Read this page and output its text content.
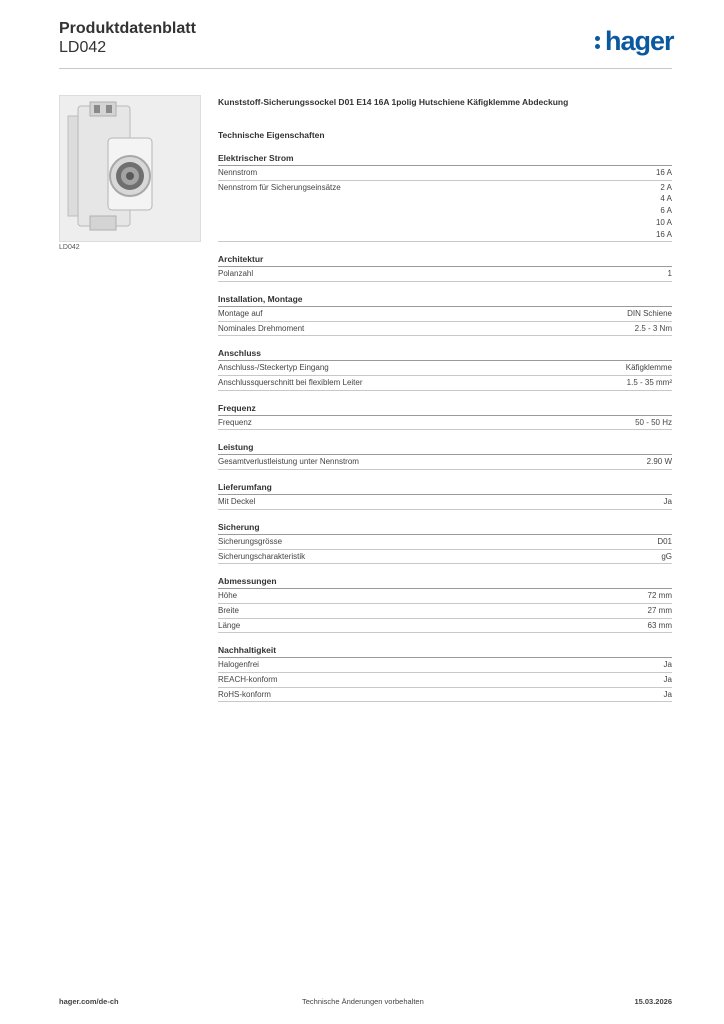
Produktdatenblatt
LD042	hager
LD042
Kunststoff-Sicherungssockel D01 E14 16A 1polig Hutschiene Käfigklemme Abdeckung
Technische Eigenschaften
Elektrischer Strom
Nennstrom	16 A
Nennstrom für Sicherungseinsätze	2 A
4 A
6 A
10 A
16 A
Architektur
Polanzahl	1
Installation, Montage
Montage auf	DIN Schiene
Nominales Drehmoment	2.5 - 3 Nm
Anschluss
Anschluss-/Steckertyp Eingang	Käfigklemme
Anschlussquerschnitt bei flexiblem Leiter	1.5 - 35 mm²
Frequenz
Frequenz	50 - 50 Hz
Leistung
Gesamtverlustleistung unter Nennstrom	2.90 W
Lieferumfang
Mit Deckel	Ja
Sicherung
Sicherungsgrösse	D01
Sicherungscharakteristik	gG
Abmessungen
Höhe	72 mm
Breite	27 mm
Länge	63 mm
Nachhaltigkeit
Halogenfrei	Ja
REACH-konform	Ja
RoHS-konform	Ja
hager.com/de-ch	Technische Änderungen vorbehalten	15.03.2026
